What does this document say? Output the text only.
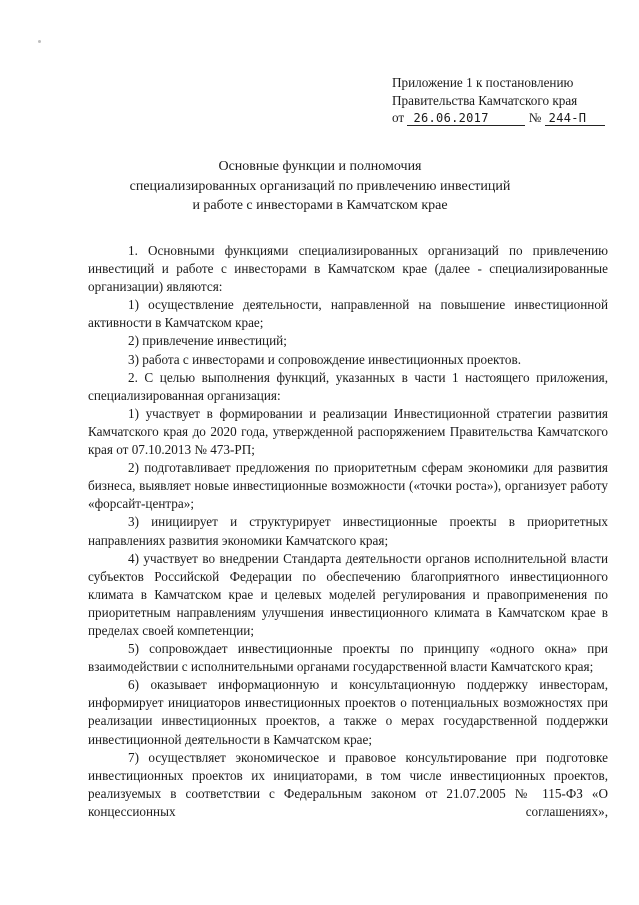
Приложение 1 к постановлению
Правительства Камчатского края
от 26.06.2017	№ 244-П
Основные функции и полномочия
специализированных организаций по привлечению инвестиций
и работе с инвесторами в Камчатском крае

1. Основными функциями специализированных организаций по привлечению инвестиций и работе с инвесторами в Камчатском крае (далее - специализированные организации) являются:

1) осуществление деятельности, направленной на повышение инвестиционной активности в Камчатском крае;

2) привлечение инвестиций;

3) работа с инвесторами и сопровождение инвестиционных проектов.

2. С целью выполнения функций, указанных в части 1 настоящего приложения, специализированная организация:

1) участвует в формировании и реализации Инвестиционной стратегии развития Камчатского края до 2020 года, утвержденной распоряжением Правительства Камчатского края от 07.10.2013 № 473-РП;

2) подготавливает предложения по приоритетным сферам экономики для развития бизнеса, выявляет новые инвестиционные возможности («точки роста»), организует работу «форсайт-центра»;

3) инициирует и структурирует инвестиционные проекты в приоритетных направлениях развития экономики Камчатского края;

4) участвует во внедрении Стандарта деятельности органов исполнительной власти субъектов Российской Федерации по обеспечению благоприятного инвестиционного климата в Камчатском крае и целевых моделей регулирования и правоприменения по приоритетным направлениям улучшения инвестиционного климата в Камчатском крае в пределах своей компетенции;

5) сопровождает инвестиционные проекты по принципу «одного окна» при взаимодействии с исполнительными органами государственной власти Камчатского края;

6) оказывает информационную и консультационную поддержку инвесторам, информирует инициаторов инвестиционных проектов о потенциальных возможностях при реализации инвестиционных проектов, а также о мерах государственной поддержки инвестиционной деятельности в Камчатском крае;

7) осуществляет экономическое и правовое консультирование при подготовке инвестиционных проектов их инициаторами, в том числе инвестиционных проектов, реализуемых в соответствии с Федеральным законом от 21.07.2005 № 115-ФЗ «О концессионных соглашениях»,
